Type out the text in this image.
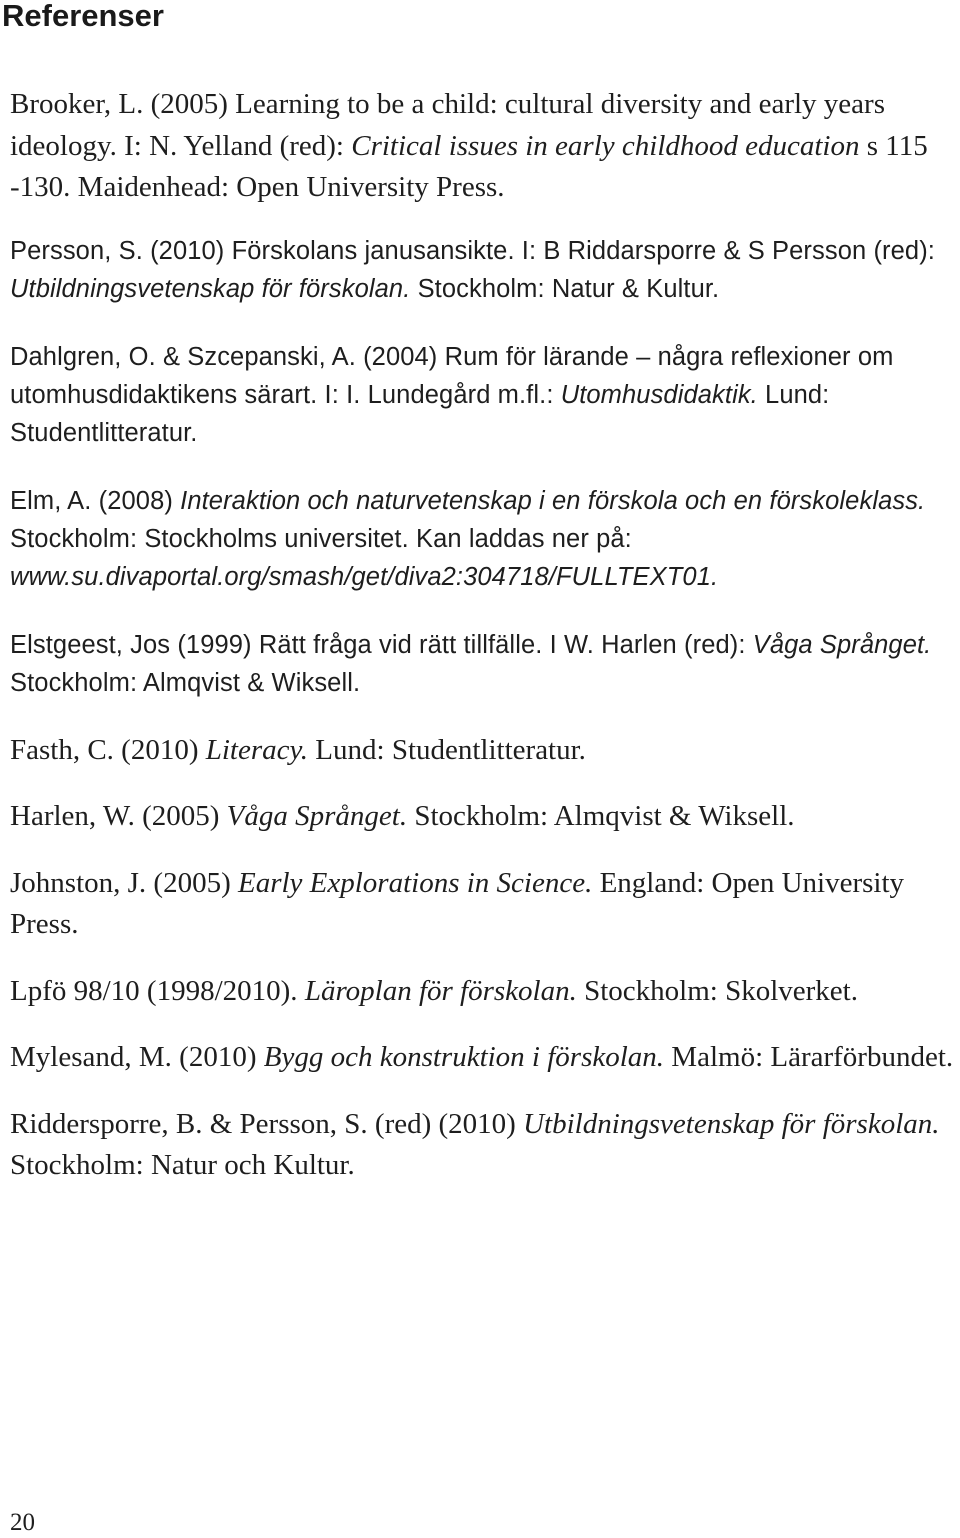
Referenser
Brooker, L. (2005) Learning to be a child: cultural diversity and early years ideology. I: N. Yelland (red): Critical issues in early childhood education s 115 -130. Maidenhead: Open University Press.
Persson, S. (2010) Förskolans janusansikte. I: B Riddarsporre & S Persson (red): Utbildningsvetenskap för förskolan. Stockholm: Natur & Kultur.
Dahlgren, O. & Szcepanski, A. (2004) Rum för lärande – några reflexioner om utomhusdidaktikens särart. I: I. Lundegård m.fl.: Utomhusdidaktik. Lund: Studentlitteratur.
Elm, A. (2008) Interaktion och naturvetenskap i en förskola och en förskoleklass. Stockholm: Stockholms universitet. Kan laddas ner på: www.su.divaportal.org/smash/get/diva2:304718/FULLTEXT01.
Elstgeest, Jos (1999) Rätt fråga vid rätt tillfälle. I W. Harlen (red): Våga Språnget. Stockholm: Almqvist & Wiksell.
Fasth, C. (2010) Literacy. Lund: Studentlitteratur.
Harlen, W. (2005) Våga Språnget. Stockholm: Almqvist & Wiksell.
Johnston, J. (2005) Early Explorations in Science. England: Open University Press.
Lpfö 98/10 (1998/2010). Läroplan för förskolan. Stockholm: Skolverket.
Mylesand, M. (2010) Bygg och konstruktion i förskolan. Malmö: Lärarförbundet.
Riddersporre, B. & Persson, S. (red) (2010) Utbildningsvetenskap för förskolan. Stockholm: Natur och Kultur.

20
